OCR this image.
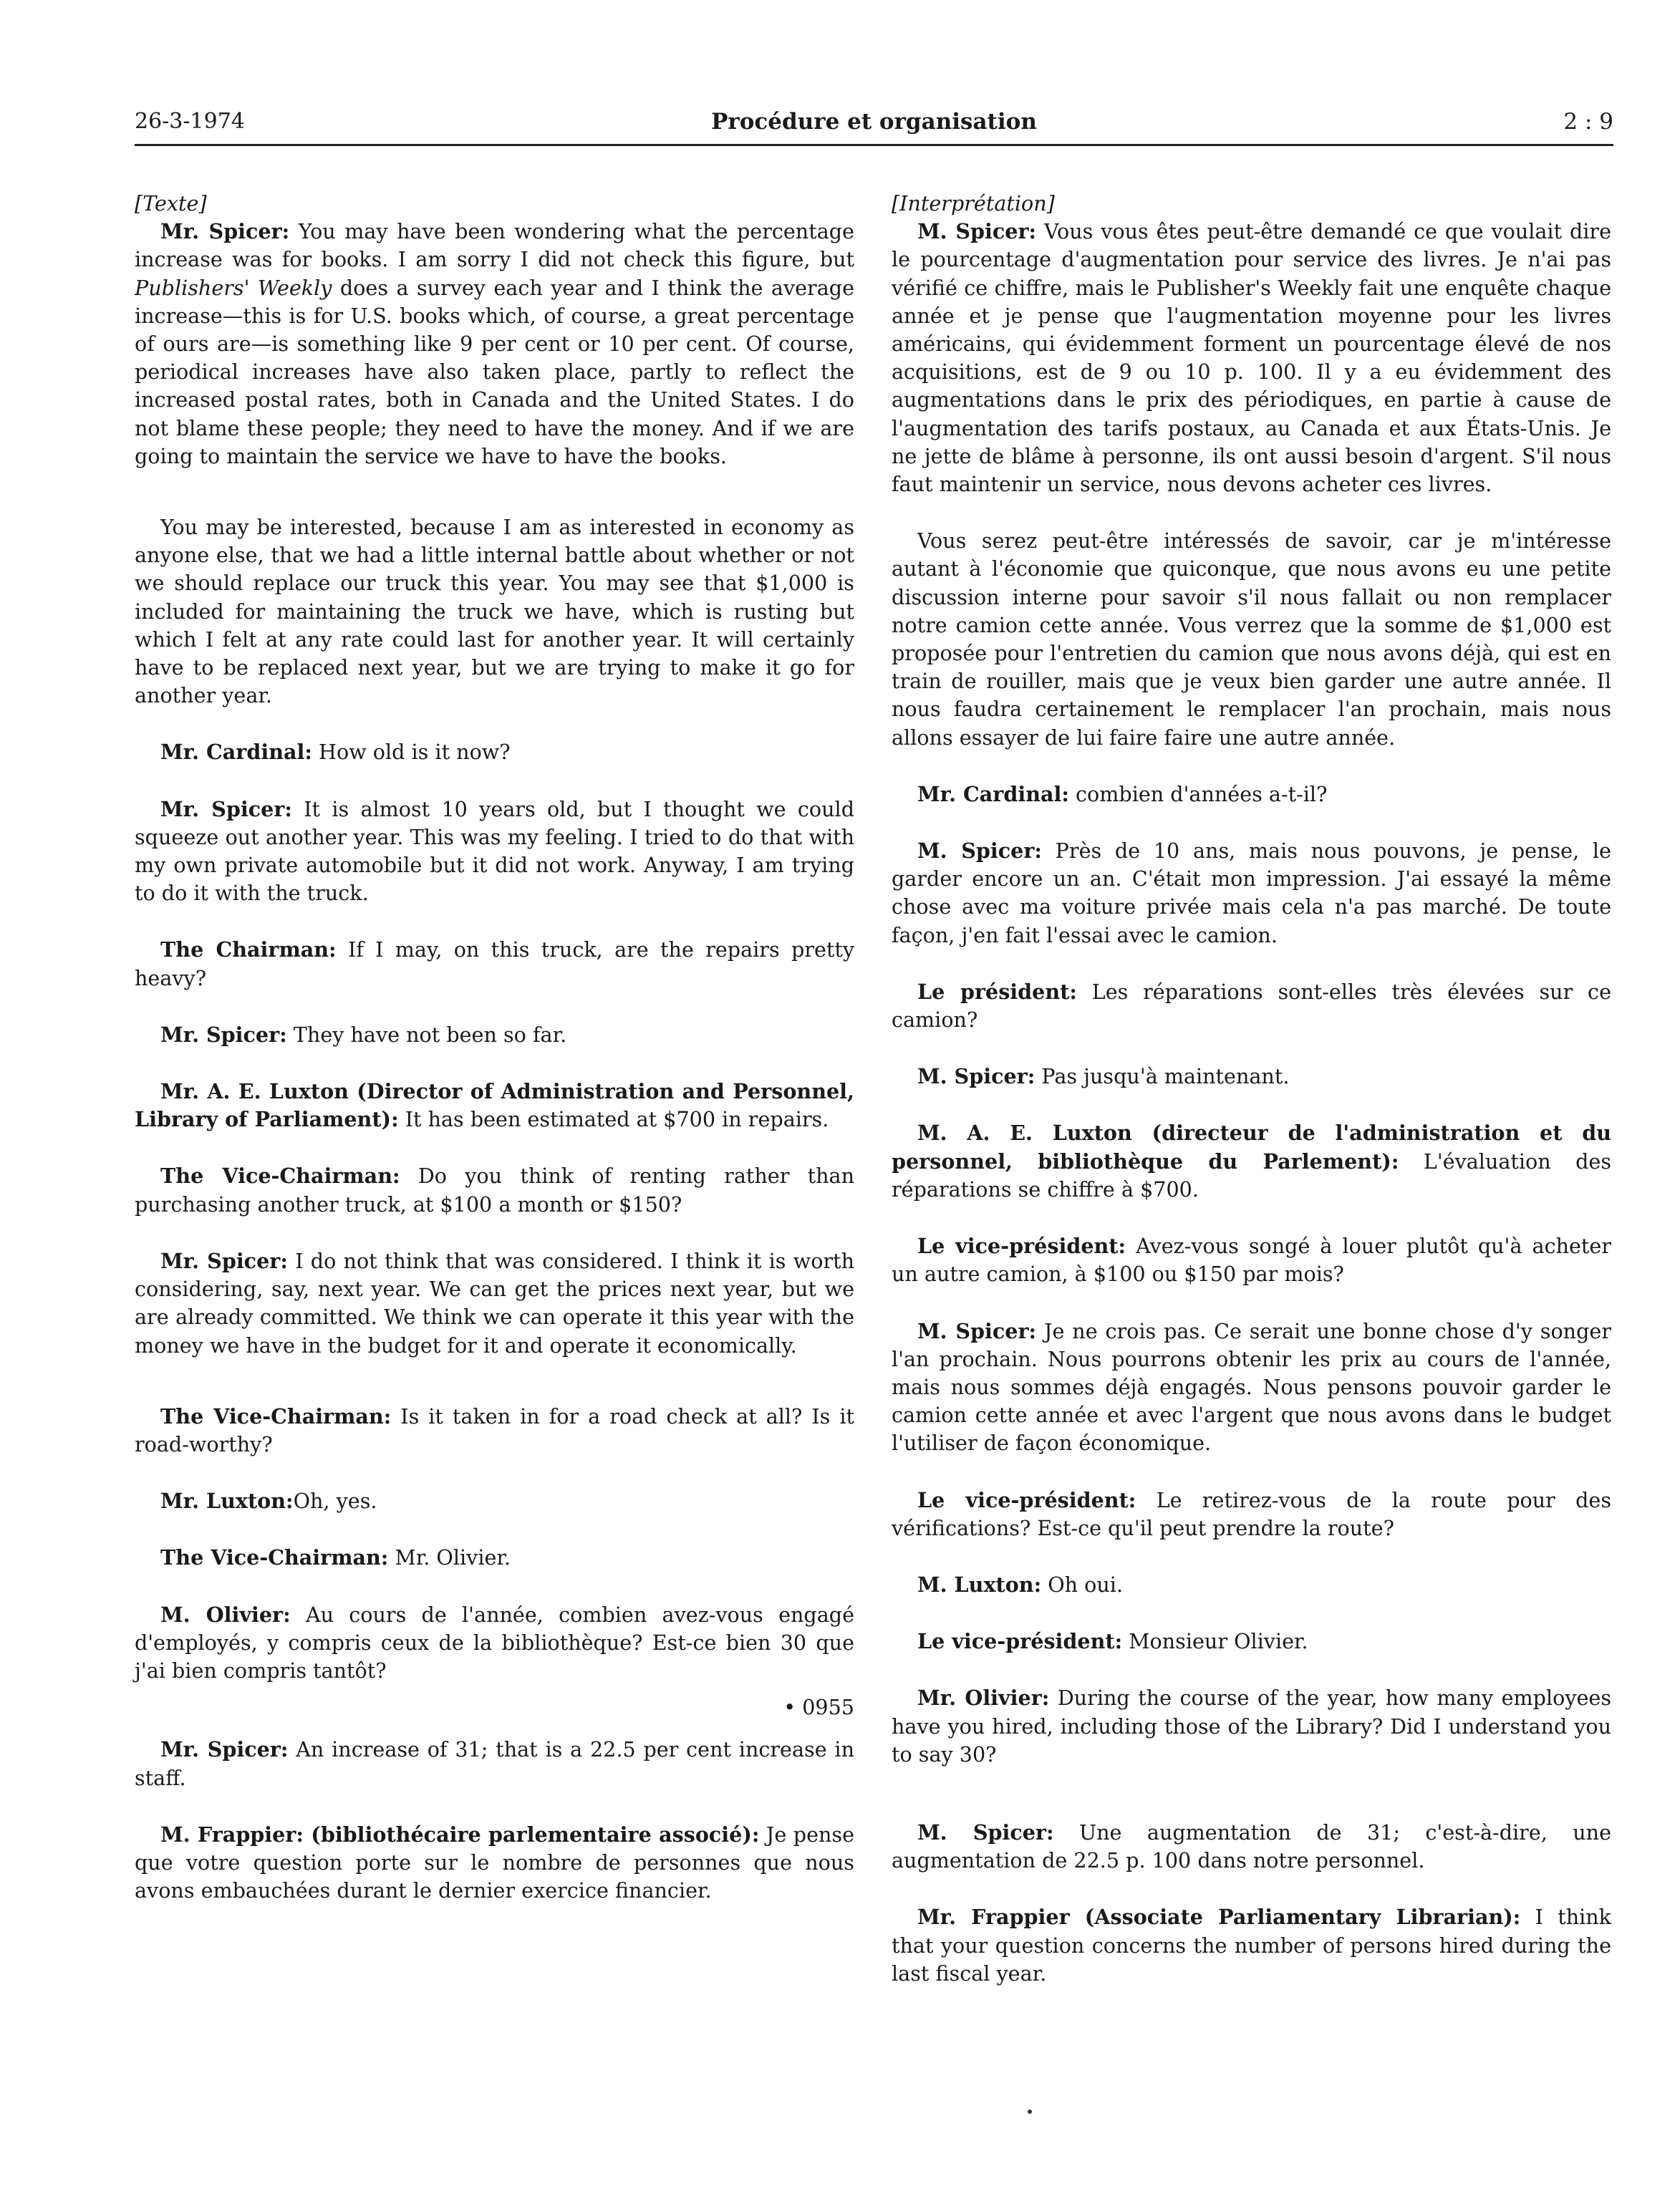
26-3-1974	Procédure et organisation	2 : 9
[Texte]

Mr. Spicer: You may have been wondering what the percentage increase was for books. I am sorry I did not check this figure, but Publishers' Weekly does a survey each year and I think the average increase—this is for U.S. books which, of course, a great percentage of ours are—is something like 9 per cent or 10 per cent. Of course, periodical increases have also taken place, partly to reflect the increased postal rates, both in Canada and the United States. I do not blame these people; they need to have the money. And if we are going to maintain the service we have to have the books.

You may be interested, because I am as interested in economy as anyone else, that we had a little internal battle about whether or not we should replace our truck this year. You may see that $1,000 is included for maintaining the truck we have, which is rusting but which I felt at any rate could last for another year. It will certainly have to be replaced next year, but we are trying to make it go for another year.

Mr. Cardinal: How old is it now?

Mr. Spicer: It is almost 10 years old, but I thought we could squeeze out another year. This was my feeling. I tried to do that with my own private automobile but it did not work. Anyway, I am trying to do it with the truck.

The Chairman: If I may, on this truck, are the repairs pretty heavy?

Mr. Spicer: They have not been so far.

Mr. A. E. Luxton (Director of Administration and Personnel, Library of Parliament): It has been estimated at $700 in repairs.

The Vice-Chairman: Do you think of renting rather than purchasing another truck, at $100 a month or $150?

Mr. Spicer: I do not think that was considered. I think it is worth considering, say, next year. We can get the prices next year, but we are already committed. We think we can operate it this year with the money we have in the budget for it and operate it economically.

The Vice-Chairman: Is it taken in for a road check at all? Is it road-worthy?

Mr. Luxton:Oh, yes.

The Vice-Chairman: Mr. Olivier.

M. Olivier: Au cours de l'année, combien avez-vous engagé d'employés, y compris ceux de la bibliothèque? Est-ce bien 30 que j'ai bien compris tantôt?

• 0955

Mr. Spicer: An increase of 31; that is a 22.5 per cent increase in staff.

M. Frappier: (bibliothécaire parlementaire associé): Je pense que votre question porte sur le nombre de personnes que nous avons embauchées durant le dernier exercice financier.

[Interprétation]

M. Spicer: Vous vous êtes peut-être demandé ce que voulait dire le pourcentage d'augmentation pour service des livres. Je n'ai pas vérifié ce chiffre, mais le Publisher's Weekly fait une enquête chaque année et je pense que l'augmentation moyenne pour les livres américains, qui évidemment forment un pourcentage élevé de nos acquisitions, est de 9 ou 10 p. 100. Il y a eu évidemment des augmentations dans le prix des périodiques, en partie à cause de l'augmentation des tarifs postaux, au Canada et aux États-Unis. Je ne jette de blâme à personne, ils ont aussi besoin d'argent. S'il nous faut maintenir un service, nous devons acheter ces livres.

Vous serez peut-être intéressés de savoir, car je m'intéresse autant à l'économie que quiconque, que nous avons eu une petite discussion interne pour savoir s'il nous fallait ou non remplacer notre camion cette année. Vous verrez que la somme de $1,000 est proposée pour l'entretien du camion que nous avons déjà, qui est en train de rouiller, mais que je veux bien garder une autre année. Il nous faudra certainement le remplacer l'an prochain, mais nous allons essayer de lui faire faire une autre année.

Mr. Cardinal: combien d'années a-t-il?

M. Spicer: Près de 10 ans, mais nous pouvons, je pense, le garder encore un an. C'était mon impression. J'ai essayé la même chose avec ma voiture privée mais cela n'a pas marché. De toute façon, j'en fait l'essai avec le camion.

Le président: Les réparations sont-elles très élevées sur ce camion?

M. Spicer: Pas jusqu'à maintenant.

M. A. E. Luxton (directeur de l'administration et du personnel, bibliothèque du Parlement): L'évaluation des réparations se chiffre à $700.

Le vice-président: Avez-vous songé à louer plutôt qu'à acheter un autre camion, à $100 ou $150 par mois?

M. Spicer: Je ne crois pas. Ce serait une bonne chose d'y songer l'an prochain. Nous pourrons obtenir les prix au cours de l'année, mais nous sommes déjà engagés. Nous pensons pouvoir garder le camion cette année et avec l'argent que nous avons dans le budget l'utiliser de façon économique.

Le vice-président: Le retirez-vous de la route pour des vérifications? Est-ce qu'il peut prendre la route?

M. Luxton: Oh oui.

Le vice-président: Monsieur Olivier.

Mr. Olivier: During the course of the year, how many employees have you hired, including those of the Library? Did I understand you to say 30?

M. Spicer: Une augmentation de 31; c'est-à-dire, une augmentation de 22.5 p. 100 dans notre personnel.

Mr. Frappier (Associate Parliamentary Librarian): I think that your question concerns the number of persons hired during the last fiscal year.
